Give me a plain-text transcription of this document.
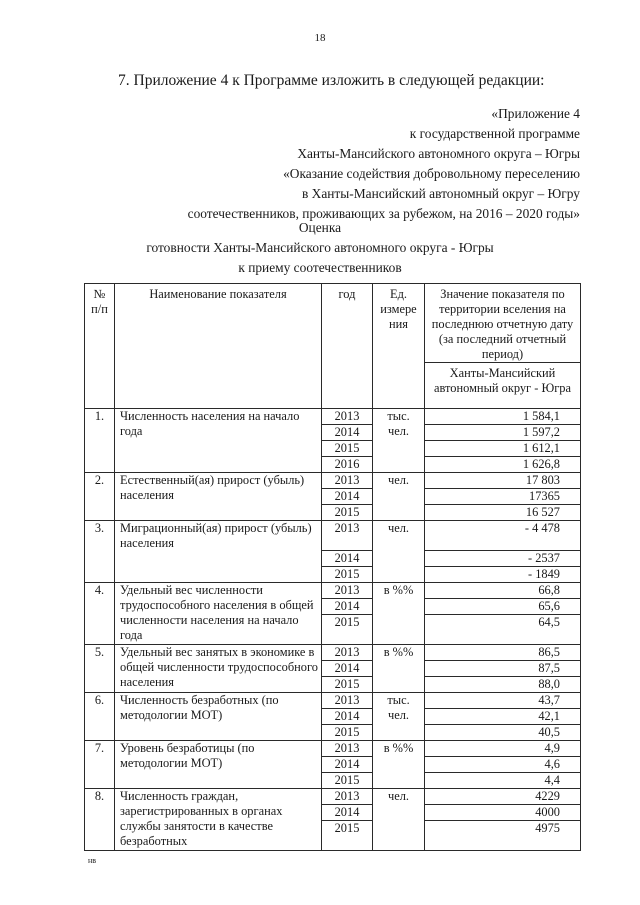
18
7. Приложение 4 к Программе изложить в следующей редакции:
«Приложение 4
к государственной программе
Ханты-Мансийского автономного округа – Югры
«Оказание содействия добровольному переселению
в Ханты-Мансийский автономный округ – Югру
соотечественников, проживающих за рубежом, на 2016 – 2020 годы»
Оценка
готовности Ханты-Мансийского автономного округа - Югры
к приему соотечественников
№ п/п	Наименование показателя	год	Ед. измере ния	Значение показателя по территории вселения на последнюю отчетную дату (за последний отчетный период)
				Ханты-Мансийский автономный округ - Югра
1.	Численность населения на начало года	2013	тыс. чел.	1 584,1
		2014		1 597,2
		2015		1 612,1
		2016		1 626,8
2.	Естественный(ая) прирост (убыль) населения	2013	чел.	17 803
		2014		17365
		2015		16 527
3.	Миграционный(ая) прирост (убыль) населения	2013	чел.	- 4 478
		2014		- 2537
		2015		- 1849
4.	Удельный вес численности трудоспособного населения в общей численности населения на начало года	2013	в %%	66,8
		2014		65,6
		2015		64,5
5.	Удельный вес занятых в экономике в общей численности трудоспособного населения	2013	в %%	86,5
		2014		87,5
		2015		88,0
6.	Численность безработных (по методологии МОТ)	2013	тыс. чел.	43,7
		2014		42,1
		2015		40,5
7.	Уровень безработицы (по методологии МОТ)	2013	в %%	4,9
		2014		4,6
		2015		4,4
8.	Численность граждан, зарегистрированных в органах службы занятости в качестве безработных	2013	чел.	4229
		2014		4000
		2015		4975
нв
